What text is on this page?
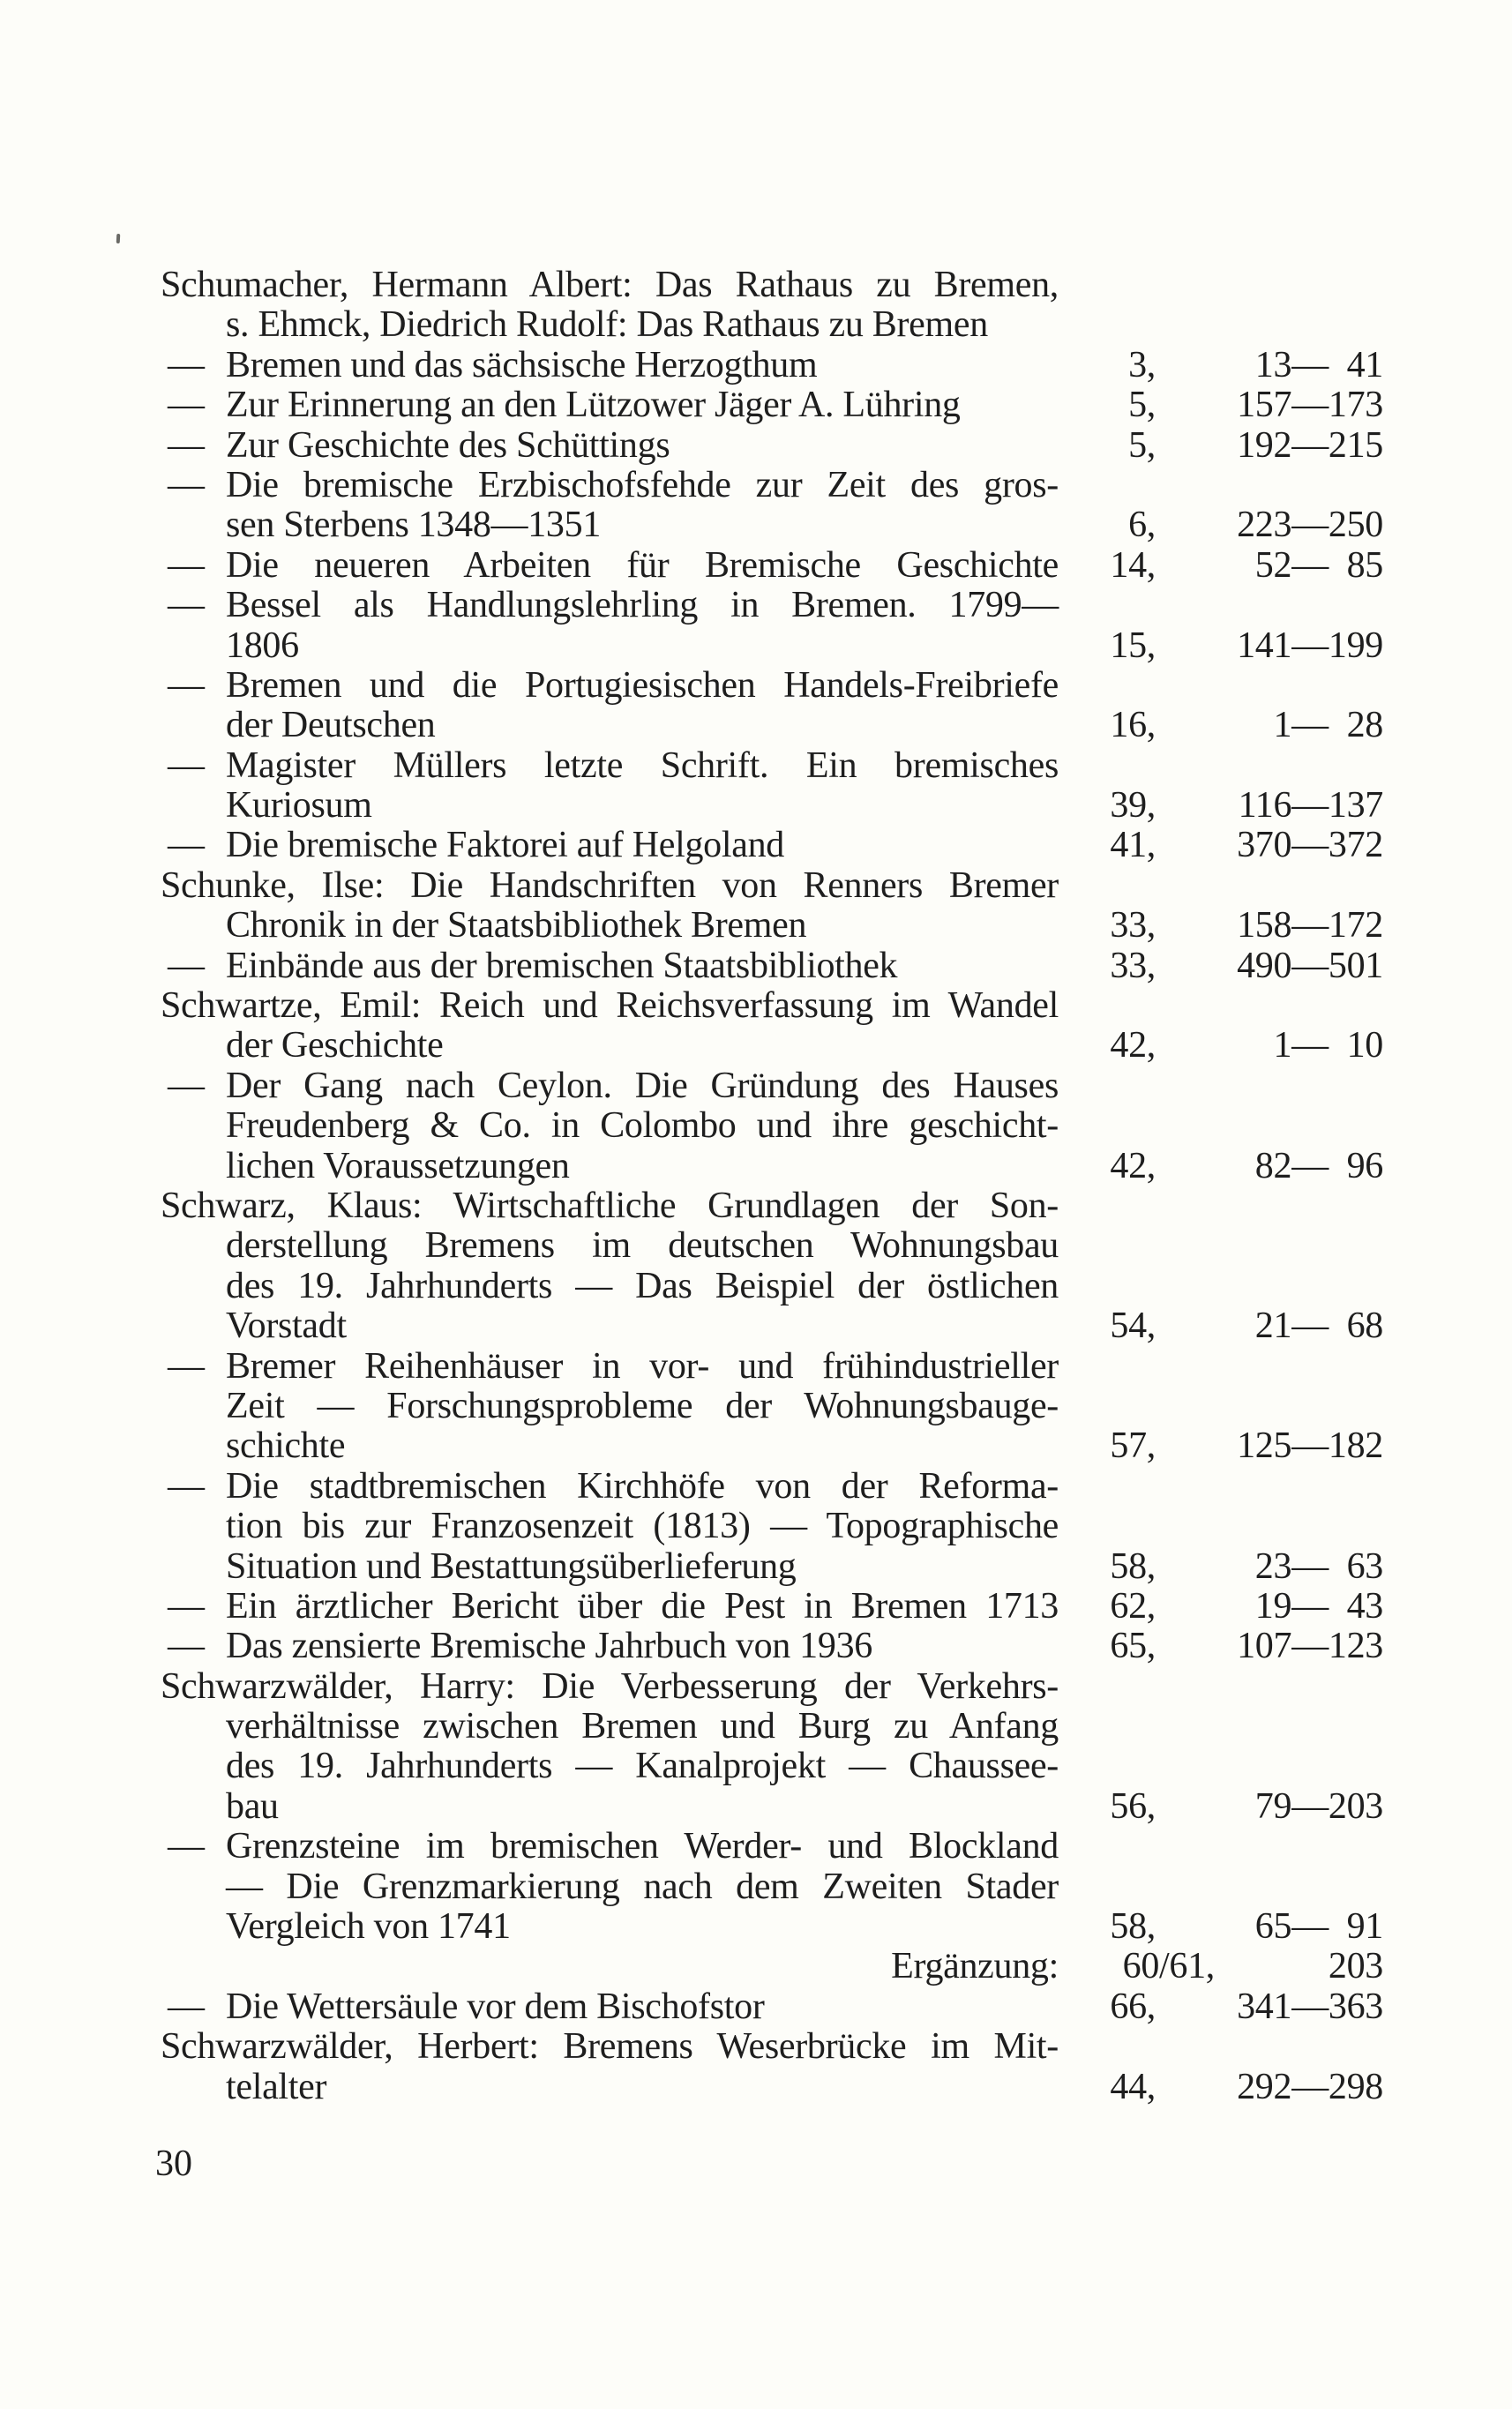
Schumacher, Hermann Albert: Das Rathaus zu Bremen,
s. Ehmck, Diedrich Rudolf: Das Rathaus zu Bremen
— Bremen und das sächsische Herzogthum	3,	13— 41
— Zur Erinnerung an den Lützower Jäger A. Lühring	5,	157—173
— Zur Geschichte des Schüttings	5,	192—215
— Die bremische Erzbischofsfehde zur Zeit des gros-
sen Sterbens 1348—1351	6,	223—250
— Die neueren Arbeiten für Bremische Geschichte	14,	52— 85
— Bessel als Handlungslehrling in Bremen. 1799—
1806	15,	141—199
— Bremen und die Portugiesischen Handels-Freibriefe
der Deutschen	16,	1— 28
— Magister Müllers letzte Schrift. Ein bremisches
Kuriosum	39,	116—137
— Die bremische Faktorei auf Helgoland	41,	370—372
Schunke, Ilse: Die Handschriften von Renners Bremer
Chronik in der Staatsbibliothek Bremen	33,	158—172
— Einbände aus der bremischen Staatsbibliothek	33,	490—501
Schwartze, Emil: Reich und Reichsverfassung im Wandel
der Geschichte	42,	1— 10
— Der Gang nach Ceylon. Die Gründung des Hauses
Freudenberg & Co. in Colombo und ihre geschicht-
lichen Voraussetzungen	42,	82— 96
Schwarz, Klaus: Wirtschaftliche Grundlagen der Son-
derstellung Bremens im deutschen Wohnungsbau
des 19. Jahrhunderts — Das Beispiel der östlichen
Vorstadt	54,	21— 68
— Bremer Reihenhäuser in vor- und frühindustrieller
Zeit — Forschungsprobleme der Wohnungsbauge-
schichte	57,	125—182
— Die stadtbremischen Kirchhöfe von der Reforma-
tion bis zur Franzosenzeit (1813) — Topographische
Situation und Bestattungsüberlieferung	58,	23— 63
— Ein ärztlicher Bericht über die Pest in Bremen 1713	62,	19— 43
— Das zensierte Bremische Jahrbuch von 1936	65,	107—123
Schwarzwälder, Harry: Die Verbesserung der Verkehrs-
verhältnisse zwischen Bremen und Burg zu Anfang
des 19. Jahrhunderts — Kanalprojekt — Chaussee-
bau	56,	79—203
— Grenzsteine im bremischen Werder- und Blockland
— Die Grenzmarkierung nach dem Zweiten Stader
Vergleich von 1741	58,	65— 91
Ergänzung:	60/61,	203
— Die Wettersäule vor dem Bischofstor	66,	341—363
Schwarzwälder, Herbert: Bremens Weserbrücke im Mit-
telalter	44,	292—298
30
